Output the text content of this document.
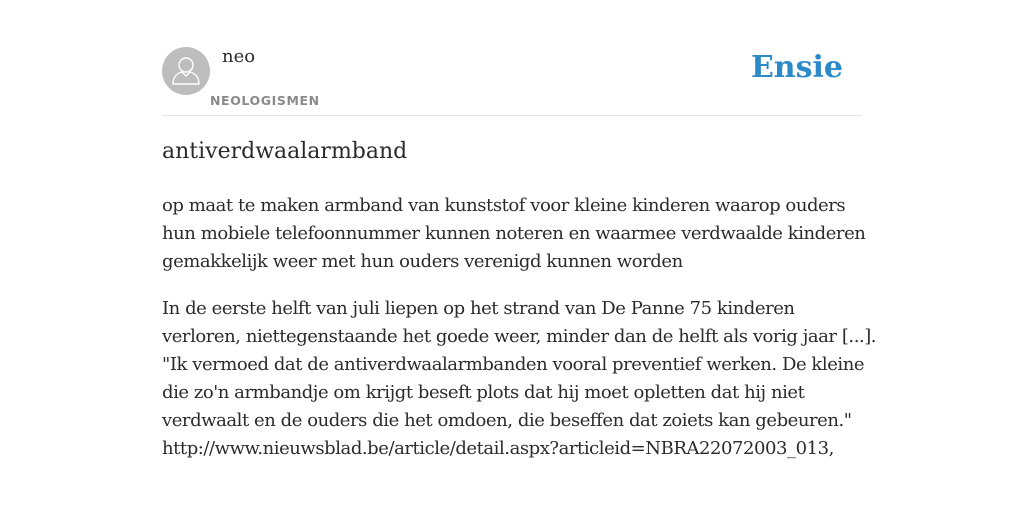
neo
NEOLOGISMEN
Ensie
antiverdwaalarmband

op maat te maken armband van kunststof voor kleine kinderen waarop ouders
hun mobiele telefoonnummer kunnen noteren en waarmee verdwaalde kinderen
gemakkelijk weer met hun ouders verenigd kunnen worden

In de eerste helft van juli liepen op het strand van De Panne 75 kinderen
verloren, niettegenstaande het goede weer, minder dan de helft als vorig jaar [...].
"Ik vermoed dat de antiverdwaalarmbanden vooral preventief werken. De kleine
die zo'n armbandje om krijgt beseft plots dat hij moet opletten dat hij niet
verdwaalt en de ouders die het omdoen, die beseffen dat zoiets kan gebeuren."
http://www.nieuwsblad.be/article/detail.aspx?articleid=NBRA22072003_013,
